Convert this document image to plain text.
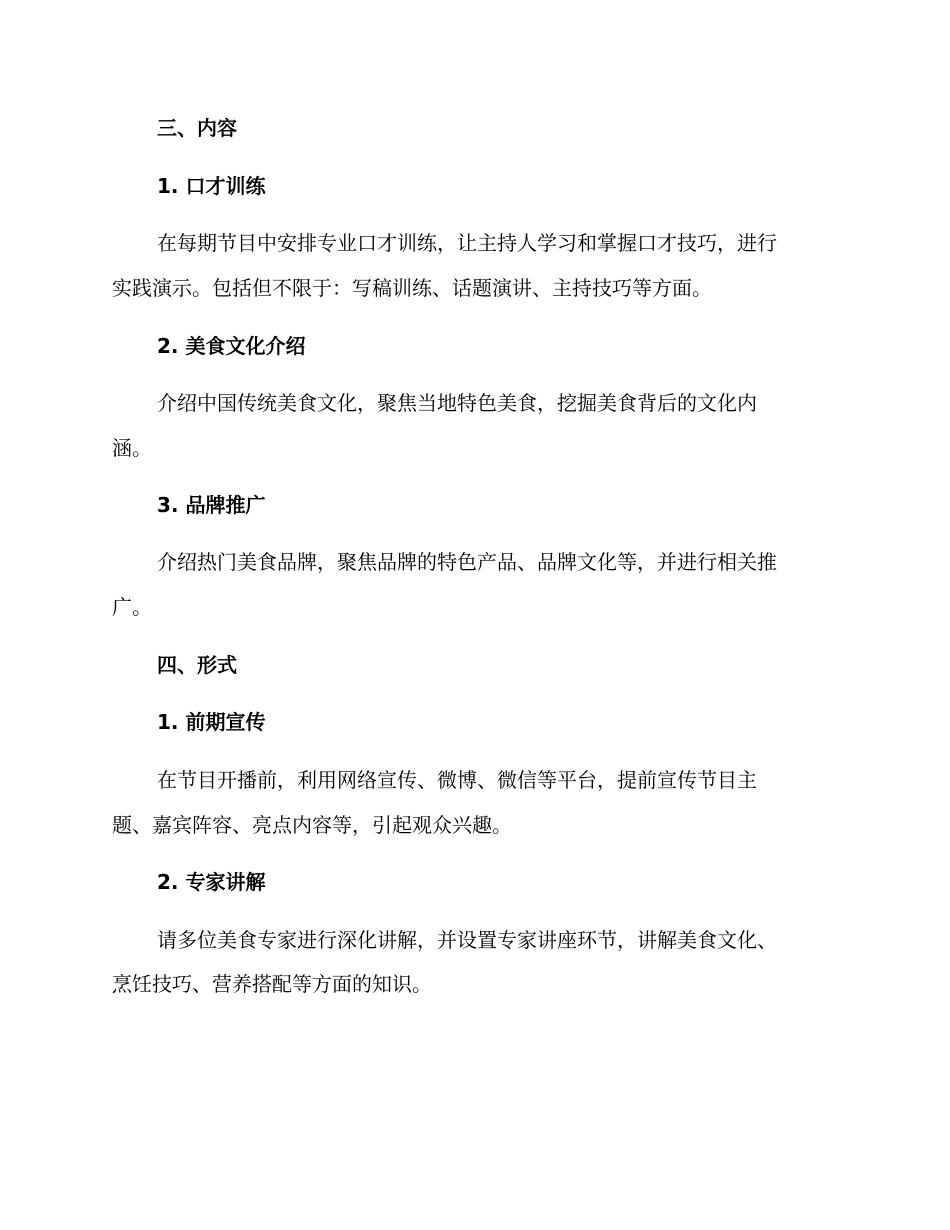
三、内容
1. 口才训练
在每期节目中安排专业口才训练，让主持人学习和掌握口才技巧，进行
实践演示。包括但不限于：写稿训练、话题演讲、主持技巧等方面。
2. 美食文化介绍
介绍中国传统美食文化，聚焦当地特色美食，挖掘美食背后的文化内
涵。
3. 品牌推广
介绍热门美食品牌，聚焦品牌的特色产品、品牌文化等，并进行相关推
广。
四、形式
1. 前期宣传
在节目开播前，利用网络宣传、微博、微信等平台，提前宣传节目主
题、嘉宾阵容、亮点内容等，引起观众兴趣。
2. 专家讲解
请多位美食专家进行深化讲解，并设置专家讲座环节，讲解美食文化、
烹饪技巧、营养搭配等方面的知识。
